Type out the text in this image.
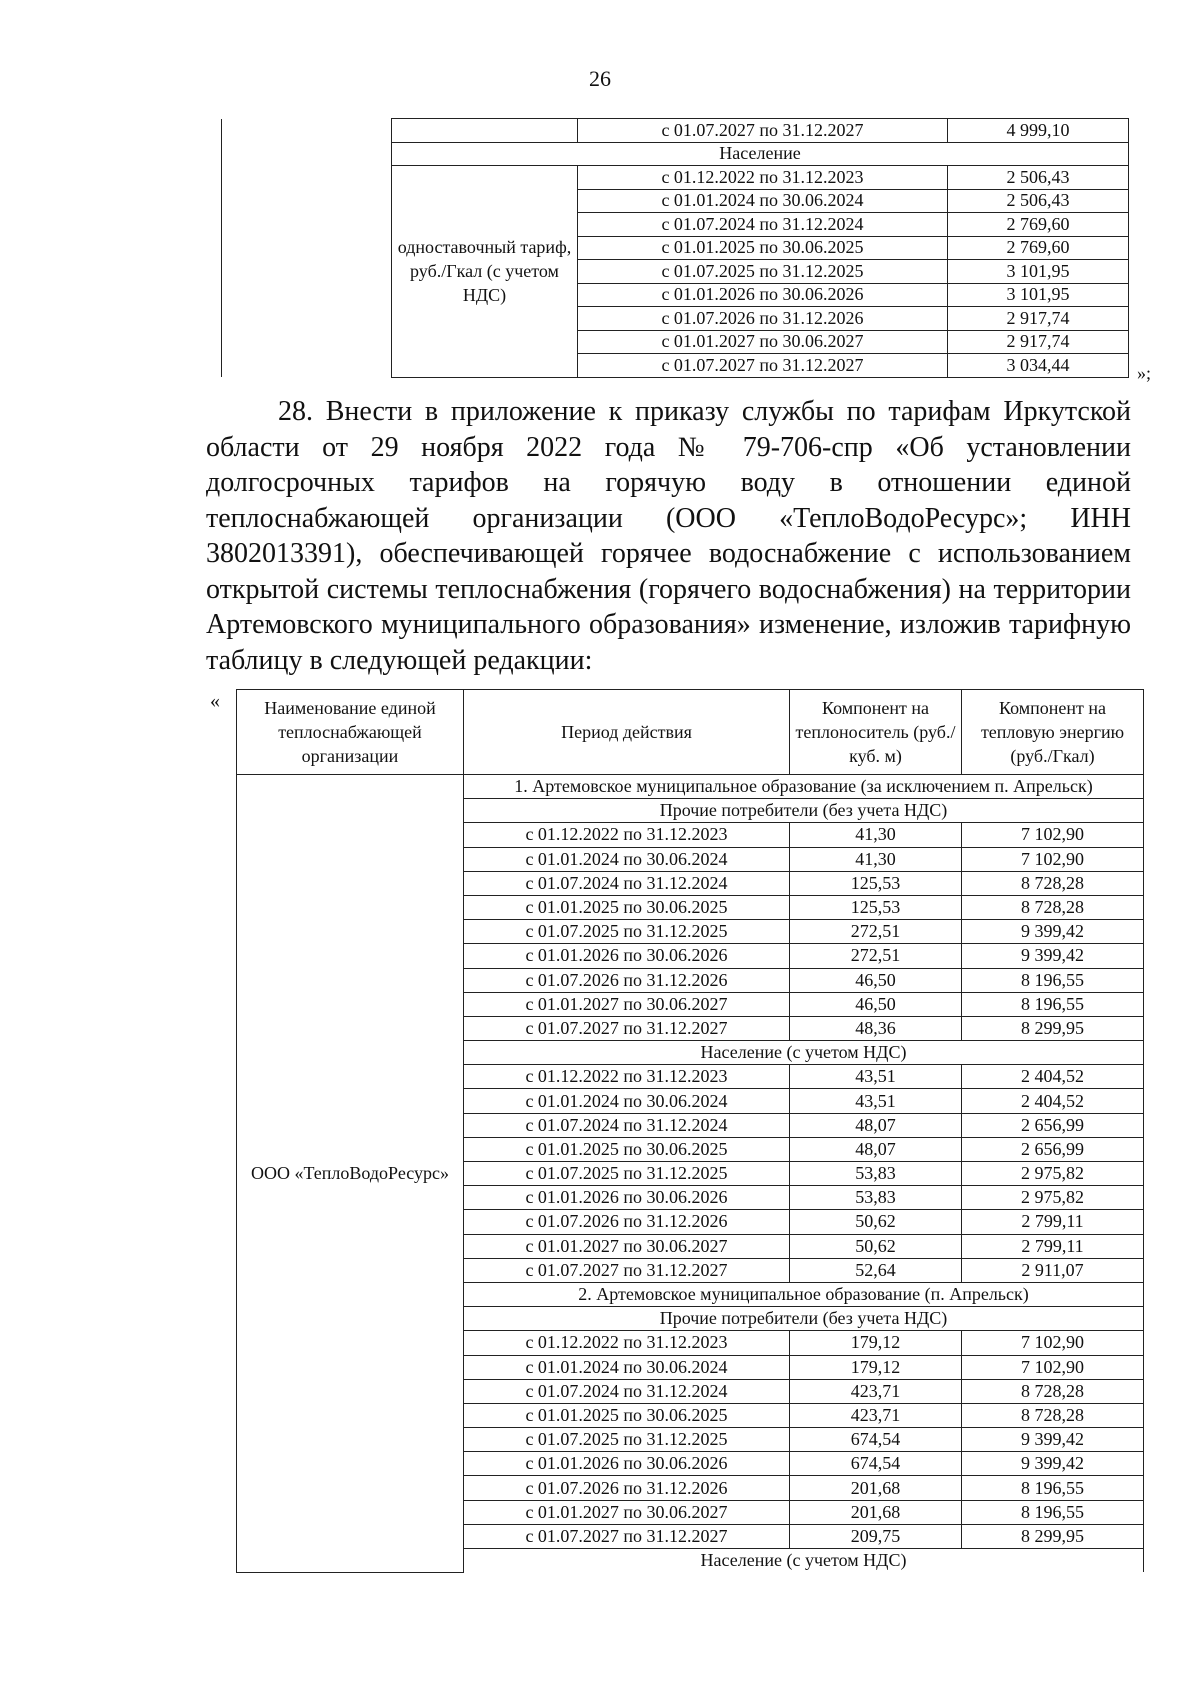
26
		с 01.07.2027 по 31.12.2027	4 999,10
	Население		
	одноставочный тариф, руб./Гкал (с учетом НДС)	с 01.12.2022 по 31.12.2023	2 506,43
		с 01.01.2024 по 30.06.2024	2 506,43
		с 01.07.2024 по 31.12.2024	2 769,60
		с 01.01.2025 по 30.06.2025	2 769,60
		с 01.07.2025 по 31.12.2025	3 101,95
		с 01.01.2026 по 30.06.2026	3 101,95
		с 01.07.2026 по 31.12.2026	2 917,74
		с 01.01.2027 по 30.06.2027	2 917,74
		с 01.07.2027 по 31.12.2027	3 034,44	»;
28. Внести в приложение к приказу службы по тарифам Иркутской области от 29 ноября 2022 года № 79-706-спр «Об установлении долгосрочных тарифов на горячую воду в отношении единой теплоснабжающей организации (ООО «ТеплоВодоРесурс»; ИНН 3802013391), обеспечивающей горячее водоснабжение с использованием открытой системы теплоснабжения (горячего водоснабжения) на территории Артемовского муниципального образования» изменение, изложив тарифную таблицу в следующей редакции:
« Наименование единой теплоснабжающей организации	Период действия	Компонент на теплоноситель (руб./куб. м)	Компонент на тепловую энергию (руб./Гкал)
ООО «ТеплоВодоРесурс»	1. Артемовское муниципальное образование (за исключением п. Апрельск)		
	Прочие потребители (без учета НДС)		
	с 01.12.2022 по 31.12.2023	41,30	7 102,90
	с 01.01.2024 по 30.06.2024	41,30	7 102,90
	с 01.07.2024 по 31.12.2024	125,53	8 728,28
	с 01.01.2025 по 30.06.2025	125,53	8 728,28
	с 01.07.2025 по 31.12.2025	272,51	9 399,42
	с 01.01.2026 по 30.06.2026	272,51	9 399,42
	с 01.07.2026 по 31.12.2026	46,50	8 196,55
	с 01.01.2027 по 30.06.2027	46,50	8 196,55
	с 01.07.2027 по 31.12.2027	48,36	8 299,95
	Население (с учетом НДС)		
	с 01.12.2022 по 31.12.2023	43,51	2 404,52
	с 01.01.2024 по 30.06.2024	43,51	2 404,52
	с 01.07.2024 по 31.12.2024	48,07	2 656,99
	с 01.01.2025 по 30.06.2025	48,07	2 656,99
	с 01.07.2025 по 31.12.2025	53,83	2 975,82
	с 01.01.2026 по 30.06.2026	53,83	2 975,82
	с 01.07.2026 по 31.12.2026	50,62	2 799,11
	с 01.01.2027 по 30.06.2027	50,62	2 799,11
	с 01.07.2027 по 31.12.2027	52,64	2 911,07
	2. Артемовское муниципальное образование (п. Апрельск)		
	Прочие потребители (без учета НДС)		
	с 01.12.2022 по 31.12.2023	179,12	7 102,90
	с 01.01.2024 по 30.06.2024	179,12	7 102,90
	с 01.07.2024 по 31.12.2024	423,71	8 728,28
	с 01.01.2025 по 30.06.2025	423,71	8 728,28
	с 01.07.2025 по 31.12.2025	674,54	9 399,42
	с 01.01.2026 по 30.06.2026	674,54	9 399,42
	с 01.07.2026 по 31.12.2026	201,68	8 196,55
	с 01.01.2027 по 30.06.2027	201,68	8 196,55
	с 01.07.2027 по 31.12.2027	209,75	8 299,95
	Население (с учетом НДС)		
